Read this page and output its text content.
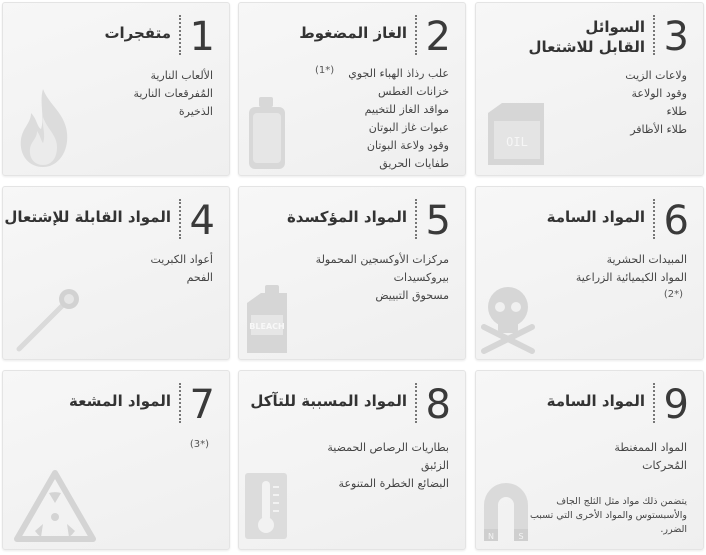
1
متفجرات
الألعاب النارية
المُفرقعات النارية
الذخيرة
2
الغاز المضغوط
علب رذاذ الهباء الجوي
خزانات الغطس
مواقد الغاز للتخييم
عبوات غاز البوتان
وقود ولاعة البوتان
طفايات الحريق
(*1)
3
السوائل
القابل للاشتعال
ولاعات الزيت
وقود الولاعة
طلاء
طلاء الأظافر
OIL
4
المواد القابلة للإشتعال
أعواد الكبريت
الفحم
5
المواد المؤكسدة
مركزات الأوكسجين المحمولة
بيروكسيدات
مسحوق التبييض
BLEACH
6
المواد السامة
المبيدات الحشرية
المواد الكيميائية الزراعية
(*2)
7
المواد المشعة
(*3)
8
المواد المسببة للتآكل
بطاريات الرصاص الحمضية
الزئبق
البضائع الخطرة المتنوعة
9
المواد السامة
المواد الممغنطة
المُحركات
يتضمن ذلك مواد مثل الثلج الجاف والأسبستوس والمواد الأخرى التي تسبب الضرر.
N	S
